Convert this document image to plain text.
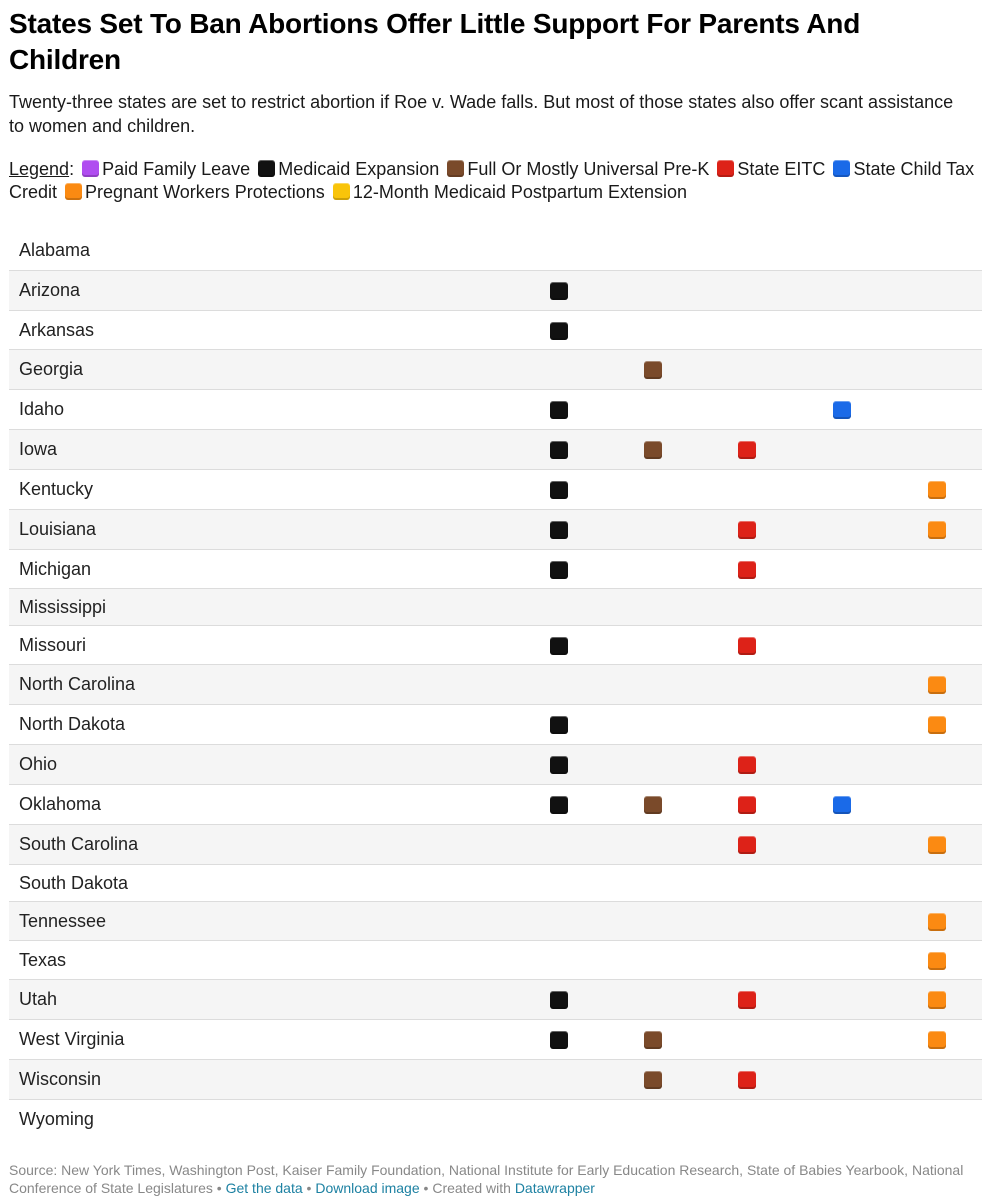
States Set To Ban Abortions Offer Little Support For Parents And Children
Twenty-three states are set to restrict abortion if Roe v. Wade falls. But most of those states also offer scant assistance to women and children.
Legend: Paid Family Leave Medicaid Expansion Full Or Mostly Universal Pre-K State EITC State Child Tax Credit Pregnant Workers Protections 12-Month Medicaid Postpartum Extension
Alabama
Arizona
Arkansas
Georgia
Idaho
Iowa
Kentucky
Louisiana
Michigan
Mississippi
Missouri
North Carolina
North Dakota
Ohio
Oklahoma
South Carolina
South Dakota
Tennessee
Texas
Utah
West Virginia
Wisconsin
Wyoming
Source: New York Times, Washington Post, Kaiser Family Foundation, National Institute for Early Education Research, State of Babies Yearbook, National Conference of State Legislatures • Get the data • Download image • Created with Datawrapper
